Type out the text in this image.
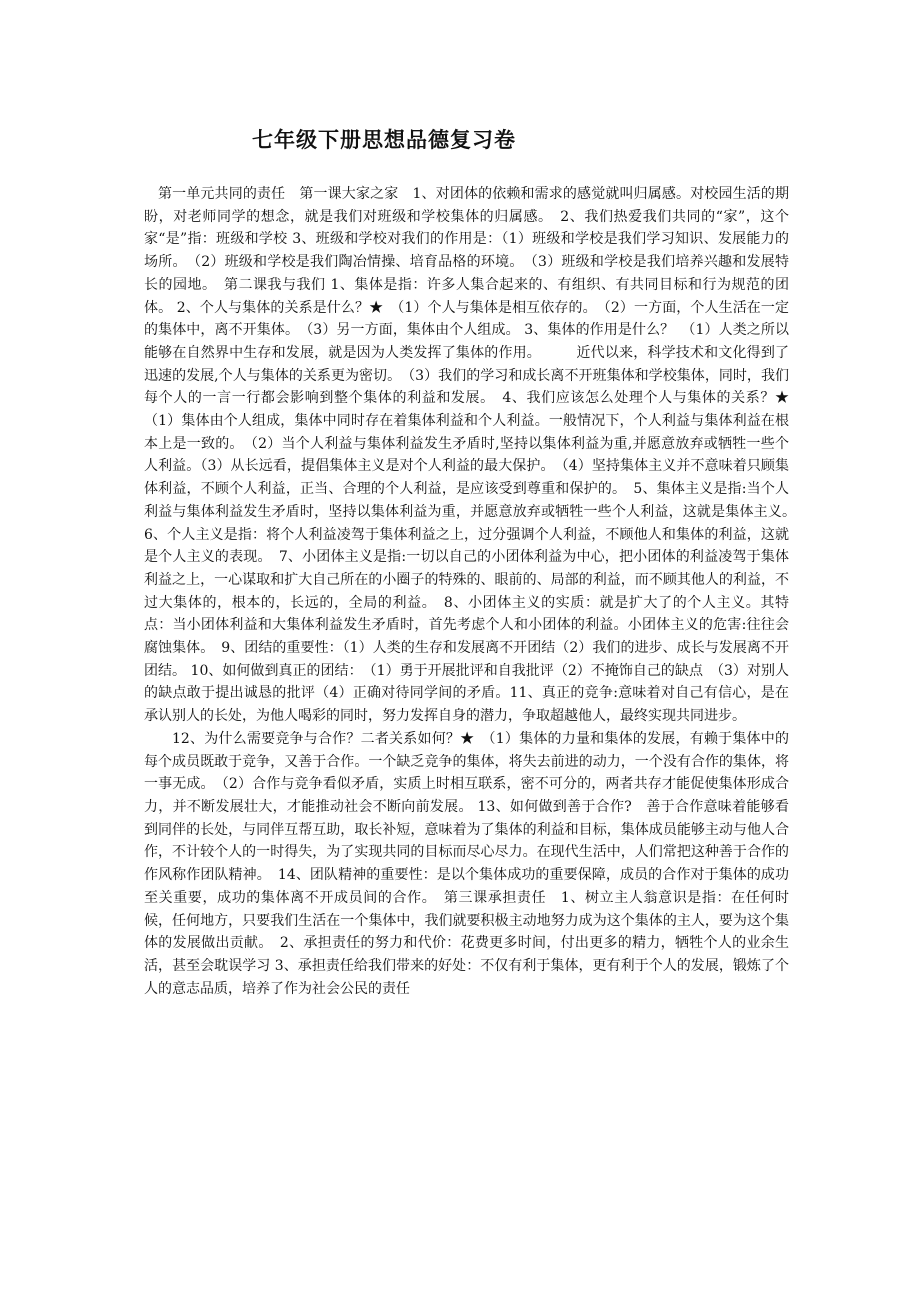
七年级下册思想品德复习卷

第一单元共同的责任　第一课大家之家　1、对团体的依赖和需求的感觉就叫归属感。对校园生活的期盼，对老师同学的想念，就是我们对班级和学校集体的归属感。　2、我们热爱我们共同的“家”，这个家“是”指：班级和学校 3、班级和学校对我们的作用是：（1）班级和学校是我们学习知识、发展能力的场所。　（2）班级和学校是我们陶冶情操、培育品格的环境。　（3）班级和学校是我们培养兴趣和发展特长的园地。　第二课我与我们 1、集体是指：许多人集合起来的、有组织、有共同目标和行为规范的团体。 2、个人与集体的关系是什么？★　（1）个人与集体是相互依存的。　（2）一方面，个人生活在一定的集体中，离不开集体。　（3）另一方面，集体由个人组成。 3、集体的作用是什么？　（1）人类之所以能够在自然界中生存和发展，就是因为人类发挥了集体的作用。　　　近代以来，科学技术和文化得到了迅速的发展,个人与集体的关系更为密切。　（3）我们的学习和成长离不开班集体和学校集体，同时，我们每个人的一言一行都会影响到整个集体的利益和发展。　4、我们应该怎么处理个人与集体的关系？★　（1）集体由个人组成，集体中同时存在着集体利益和个人利益。一般情况下，个人利益与集体利益在根本上是一致的。　（2）当个人利益与集体利益发生矛盾时,坚持以集体利益为重,并愿意放弃或牺牲一些个人利益。（3）从长远看，提倡集体主义是对个人利益的最大保护。　（4）坚持集体主义并不意味着只顾集体利益，不顾个人利益，正当、合理的个人利益，是应该受到尊重和保护的。　5、集体主义是指:当个人利益与集体利益发生矛盾时，坚持以集体利益为重，并愿意放弃或牺牲一些个人利益，这就是集体主义。　6、个人主义是指：将个人利益凌驾于集体利益之上，过分强调个人利益，不顾他人和集体的利益，这就是个人主义的表现。　7、小团体主义是指:一切以自己的小团体利益为中心，把小团体的利益凌驾于集体利益之上，一心谋取和扩大自己所在的小圈子的特殊的、眼前的、局部的利益，而不顾其他人的利益，不过大集体的，根本的，长远的，全局的利益。　8、小团体主义的实质：就是扩大了的个人主义。其特点：当小团体利益和大集体利益发生矛盾时，首先考虑个人和小团体的利益。小团体主义的危害:往往会腐蚀集体。　9、团结的重要性：（1）人类的生存和发展离不开团结（2）我们的进步、成长与发展离不开团结。 10、如何做到真正的团结：　（1）勇于开展批评和自我批评（2）不掩饰自己的缺点　（3）对别人的缺点敢于提出诚恳的批评（4）正确对待同学间的矛盾。11、真正的竞争:意味着对自己有信心，是在承认别人的长处，为他人喝彩的同时，努力发挥自身的潜力，争取超越他人，最终实现共同进步。

12、为什么需要竞争与合作？二者关系如何？★　（1）集体的力量和集体的发展，有赖于集体中的每个成员既敢于竞争，又善于合作。一个缺乏竞争的集体，将失去前进的动力，一个没有合作的集体，将一事无成。　（2）合作与竞争看似矛盾，实质上时相互联系，密不可分的，两者共存才能促使集体形成合力，并不断发展壮大，才能推动社会不断向前发展。 13、如何做到善于合作?　善于合作意味着能够看到同伴的长处，与同伴互帮互助，取长补短，意味着为了集体的利益和目标，集体成员能够主动与他人合作，不计较个人的一时得失，为了实现共同的目标而尽心尽力。在现代生活中，人们常把这种善于合作的作风称作团队精神。　14、团队精神的重要性：是以个集体成功的重要保障，成员的合作对于集体的成功至关重要，成功的集体离不开成员间的合作。　第三课承担责任　1、树立主人翁意识是指：在任何时候，任何地方，只要我们生活在一个集体中，我们就要积极主动地努力成为这个集体的主人，要为这个集体的发展做出贡献。　2、承担责任的努力和代价：花费更多时间，付出更多的精力，牺牲个人的业余生活，甚至会耽误学习 3、承担责任给我们带来的好处：不仅有利于集体，更有利于个人的发展，锻炼了个人的意志品质，培养了作为社会公民的责任
